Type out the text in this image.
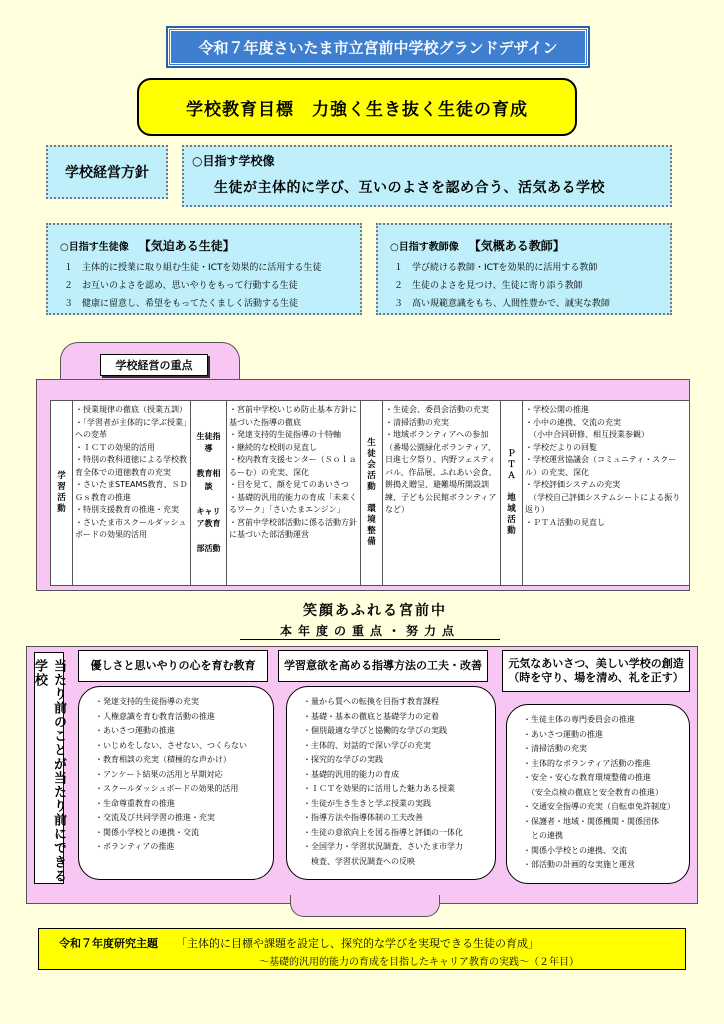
令和７年度さいたま市立宮前中学校グランドデザイン
学校教育目標　力強く生き抜く生徒の育成
学校経営方針
○目指す学校像
生徒が主体的に学び、互いのよさを認め合う、活気ある学校
○目指す生徒像 【気迫ある生徒】
１ 主体的に授業に取り組む生徒・ICTを効果的に活用する生徒
２ お互いのよさを認め、思いやりをもって行動する生徒
３ 健康に留意し、希望をもってたくましく活動する生徒
○目指す教師像 【気概ある教師】
１ 学び続ける教師・ICTを効果的に活用する教師
２ 生徒のよさを見つけ、生徒に寄り添う教師
３ 高い規範意識をもち、人間性豊かで、誠実な教師
学校経営の重点
学習活動
	・授業規律の徹底（授業五訓）
・「学習者が主体的に学ぶ授業」への変革
・ＩＣＴの効果的活用
・特別の教科道徳による学校教育全体での道徳教育の充実
・さいたまSTEAMS教育、ＳＤＧｓ教育の推進
・特別支援教育の推進・充実
・さいたま市スクールダッシュボードの効果的活用	生徒指導

教育相談

キャリア教育

部活動	・宮前中学校いじめ防止基本方針に基づいた指導の徹底
・発達支持的生徒指導の十特軸
・継続的な校則の見直し
・校内教育支援センター（Ｓｏｌａ るーむ）の充実、深化
・目を見て、顔を見てのあいさつ
・基礎的汎用的能力の育成「未来くるワーク」「さいたまエンジン」
・宮前中学校部活動に係る活動方針に基づいた部活動運営	
生徒会活動

環境整備
	・生徒会、委員会活動の充実
・清掃活動の充実
・地域ボランティアへの参加（番場公園緑化ボランティア、日進七夕祭り、内野フェスティバル、作品展、ふれあい会食、餅搗え贈呈、避難場所開設訓練、子ども公民館ボランティアなど）	
ＰＴＡ

地域活動
	・学校公開の推進
・小中の連携、交流の充実
　（小中合同研修、相互授業参観）
・学校だよりの回覧
・学校運営協議会（コミュニティ・スクール）の充実、深化
・学校評価システムの充実
　（学校自己評価システムシートによる振り返り）
・ＰＴＡ活動の見直し
笑顔あふれる宮前中
本年度の重点・努力点
当たり前のことが当たり前にできる学校	優しさと思いやりの心を育む教育	学習意欲を高める指導方法の工夫・改善	元気なあいさつ、美しい学校の創造
（時を守り、場を清め、礼を正す）
・発達支持的生徒指導の充実
・人権意識を育む教育活動の推進
・あいさつ運動の推進
・いじめをしない、させない、つくらない
・教育相談の充実（積極的な声かけ）
・アンケート結果の活用と早期対応
・スクールダッシュボードの効果的活用
・生命尊重教育の推進
・交流及び共同学習の推進・充実
・関係小学校との連携・交流
・ボランティアの推進
・量から質への転換を目指す教育課程
・基礎・基本の徹底と基礎学力の定着
・個別最適な学びと協働的な学びの実践
・主体的、対話的で深い学びの充実
・探究的な学びの実践
・基礎的汎用的能力の育成
・ＩＣＴを効果的に活用した魅力ある授業
・生徒が生き生きと学ぶ授業の実践
・指導方法や指導体制の工夫改善
・生徒の意欲向上を図る指導と評価の一体化
・全国学力・学習状況調査、さいたま市学力
　検査、学習状況調査への反映
・生徒主体の専門委員会の推進
・あいさつ運動の推進
・清掃活動の充実
・主体的なボランティア活動の推進
・安全・安心な教育環境整備の推進
　（安全点検の徹底と安全教育の推進）
・交通安全指導の充実（自転車免許制度）
・保護者・地域・関係機関・関係団体
　との連携
・関係小学校との連携、交流
・部活動の計画的な実施と運営
令和７年度研究主題 「主体的に目標や課題を設定し、探究的な学びを実現できる生徒の育成」
～基礎的汎用的能力の育成を目指したキャリア教育の実践～（２年目）
